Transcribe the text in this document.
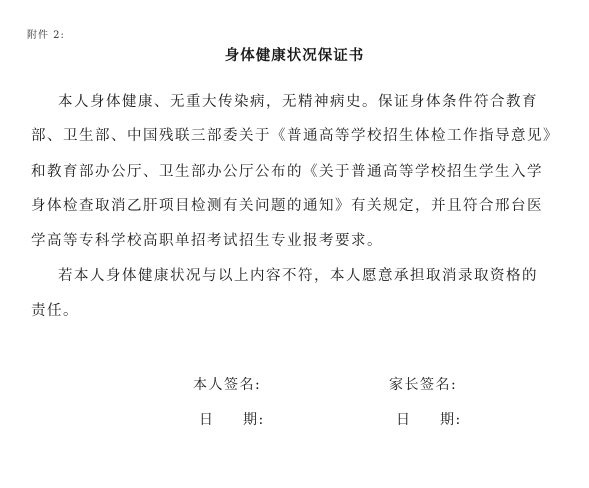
附件 2:
身体健康状况保证书
本人身体健康、无重大传染病，无精神病史。保证身体条件符合教育
部、卫生部、中国残联三部委关于《普通高等学校招生体检工作指导意见》
和教育部办公厅、卫生部办公厅公布的《关于普通高等学校招生学生入学
身体检查取消乙肝项目检测有关问题的通知》有关规定，并且符合邢台医
学高等专科学校高职单招考试招生专业报考要求。
若本人身体健康状况与以上内容不符，本人愿意承担取消录取资格的
责任。
本人签名:	家长签名:
日期:	日期:
